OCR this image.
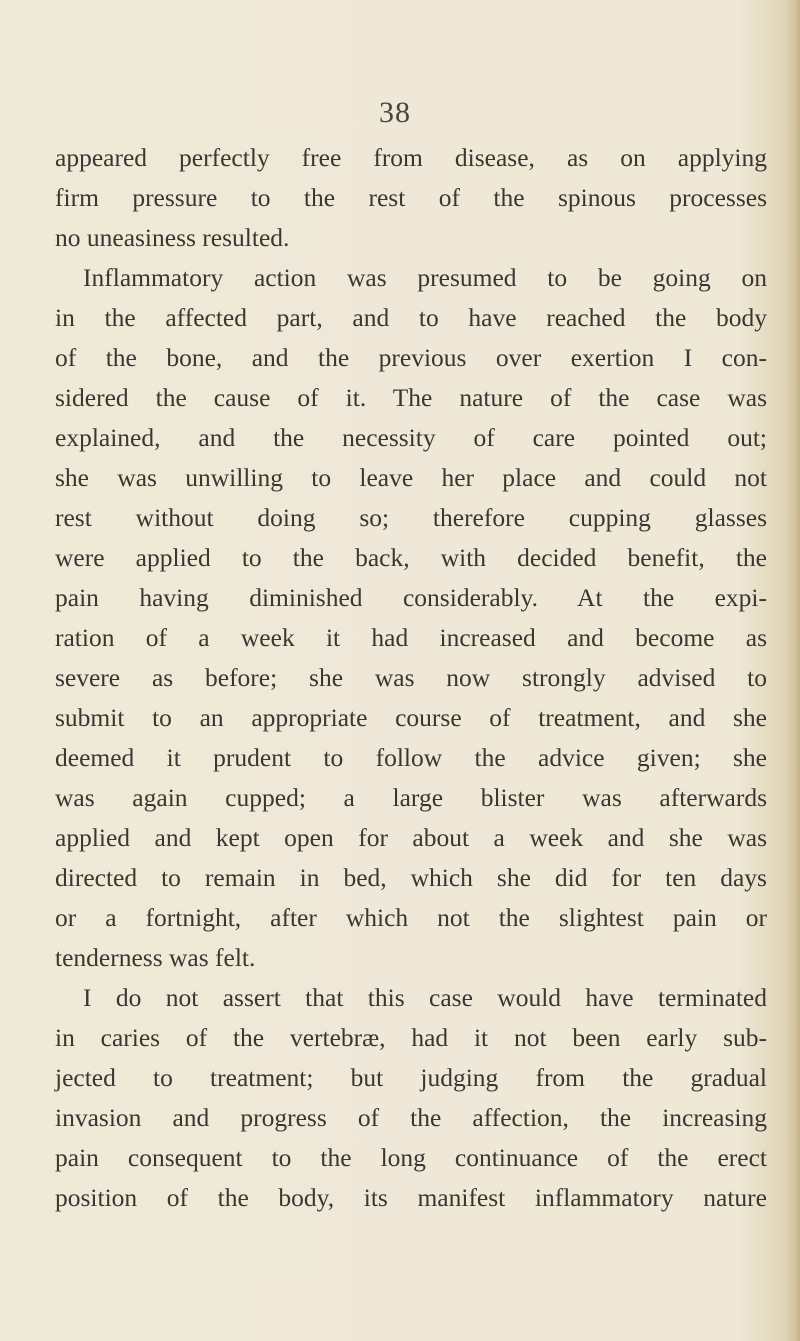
38
appeared perfectly free from disease, as on applying
firm pressure to the rest of the spinous processes
no uneasiness resulted.
Inflammatory action was presumed to be going on
in the affected part, and to have reached the body
of the bone, and the previous over exertion I con-
sidered the cause of it. The nature of the case was
explained, and the necessity of care pointed out;
she was unwilling to leave her place and could not
rest without doing so; therefore cupping glasses
were applied to the back, with decided benefit, the
pain having diminished considerably. At the expi-
ration of a week it had increased and become as
severe as before; she was now strongly advised to
submit to an appropriate course of treatment, and she
deemed it prudent to follow the advice given; she
was again cupped; a large blister was afterwards
applied and kept open for about a week and she was
directed to remain in bed, which she did for ten days
or a fortnight, after which not the slightest pain or
tenderness was felt.
I do not assert that this case would have terminated
in caries of the vertebræ, had it not been early sub-
jected to treatment; but judging from the gradual
invasion and progress of the affection, the increasing
pain consequent to the long continuance of the erect
position of the body, its manifest inflammatory nature
